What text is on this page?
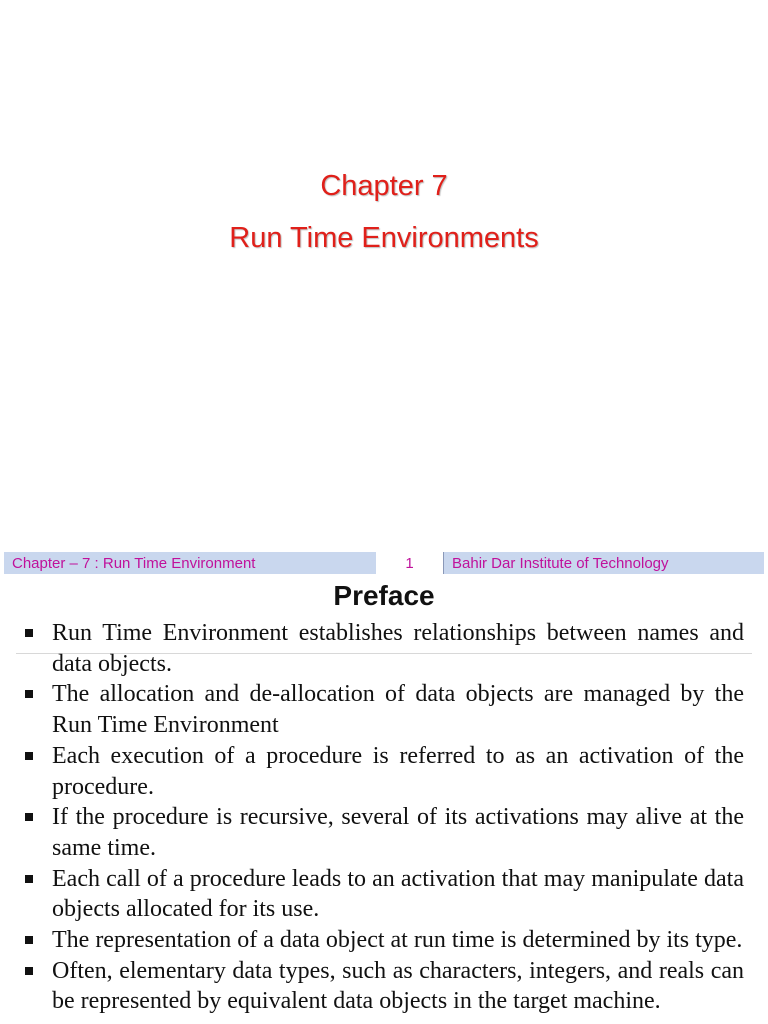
Chapter 7
Run Time Environments
Chapter – 7 : Run Time Environment	1	Bahir Dar Institute of Technology
Preface
Run Time Environment establishes relationships between names and data objects.
The allocation and de-allocation of data objects are managed by the Run Time Environment
Each execution of a procedure is referred to as an activation of the procedure.
If the procedure is recursive, several of its activations may alive at the same time.
Each call of a procedure leads to an activation that may manipulate data objects allocated for its use.
The representation of a data object at run time is determined by its type.
Often, elementary data types, such as characters, integers, and reals can be represented by equivalent data objects in the target machine.
